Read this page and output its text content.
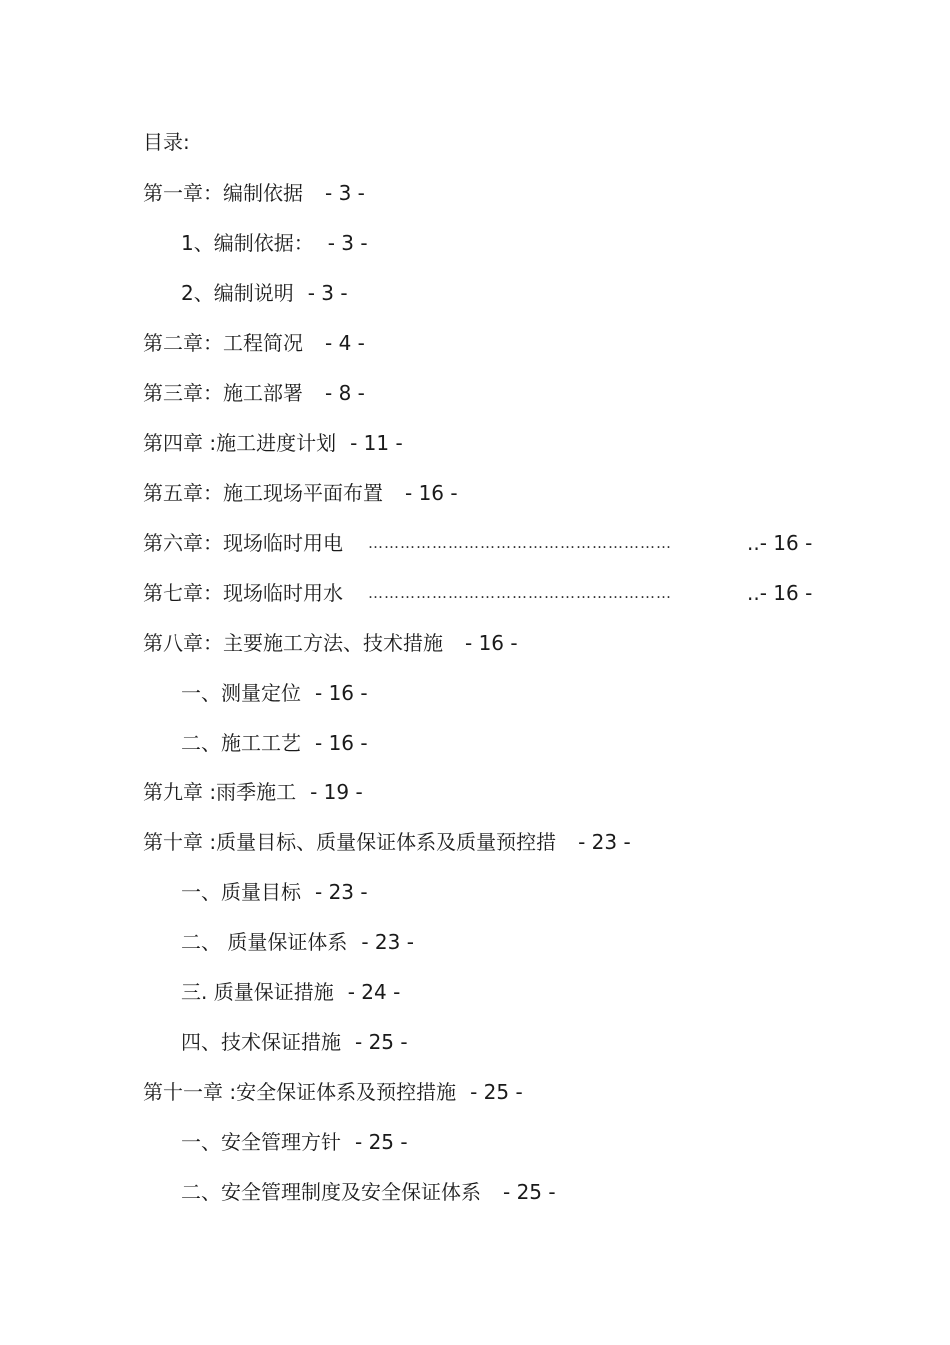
目录:
第一章：编制依据 - 3 -
1、编制依据： - 3 -
2、编制说明 - 3 -
第二章：工程简况 - 4 -
第三章：施工部署 - 8 -
第四章 :施工进度计划 - 11 -
第五章：施工现场平面布置 - 16 -
第六章：现场临时用电 …………………………………………………	..- 16 -
第七章：现场临时用水 …………………………………………………	..- 16 -
第八章：主要施工方法、技术措施 - 16 -
一、测量定位 - 16 -
二、施工工艺 - 16 -
第九章 :雨季施工 - 19 -
第十章 :质量目标、质量保证体系及质量预控措 - 23 -
一、质量目标 - 23 -
二、 质量保证体系 - 23 -
三. 质量保证措施 - 24 -
四、技术保证措施 - 25 -
第十一章 :安全保证体系及预控措施 - 25 -
一、安全管理方针 - 25 -
二、安全管理制度及安全保证体系 - 25 -
